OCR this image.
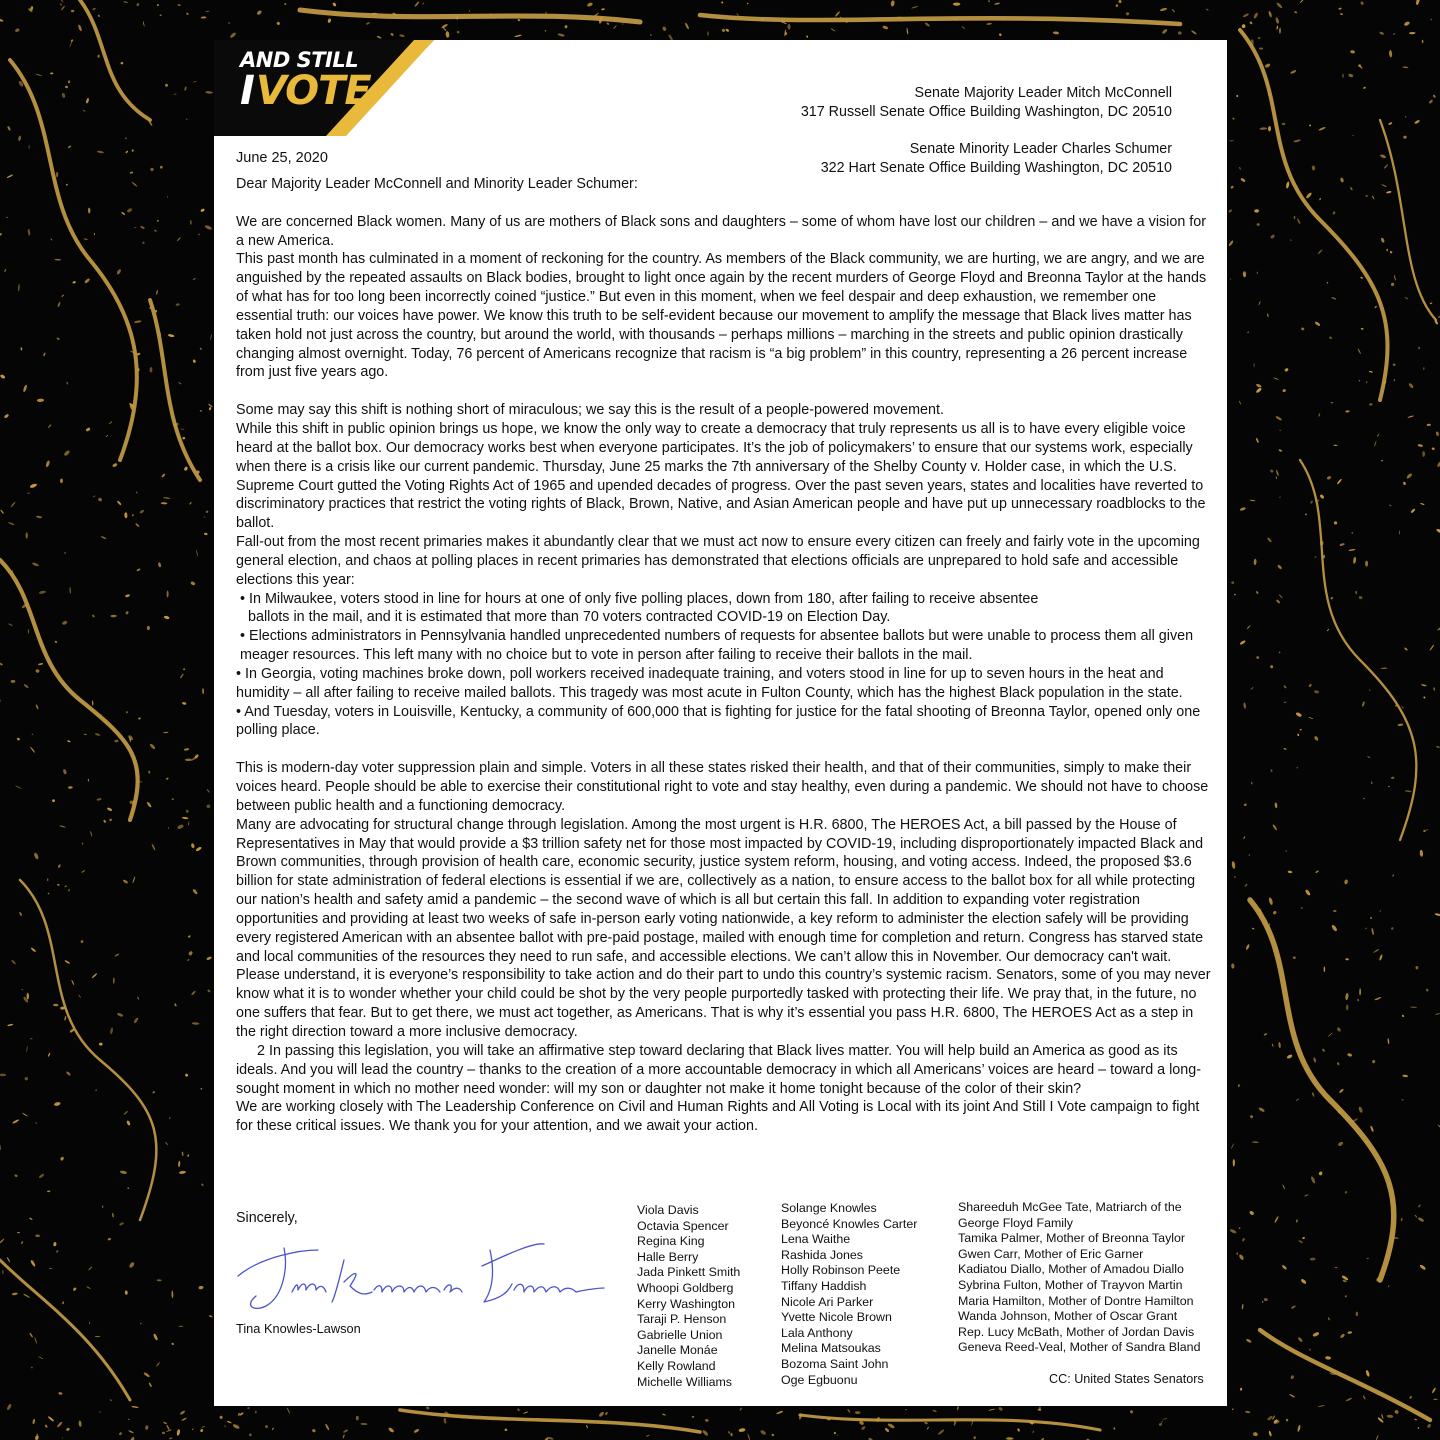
AND STILL
IVOTE	Senate Majority Leader Mitch McConnell
317 Russell Senate Office Building Washington, DC 20510
Senate Minority Leader Charles Schumer
322 Hart Senate Office Building Washington, DC 20510
June 25, 2020

Dear Majority Leader McConnell and Minority Leader Schumer:

We are concerned Black women. Many of us are mothers of Black sons and daughters – some of whom have lost our children – and we have a vision for a new America.

This past month has culminated in a moment of reckoning for the country. As members of the Black community, we are hurting, we are angry, and we are anguished by the repeated assaults on Black bodies, brought to light once again by the recent murders of George Floyd and Breonna Taylor at the hands of what has for too long been incorrectly coined “justice.” But even in this moment, when we feel despair and deep exhaustion, we remember one essential truth: our voices have power. We know this truth to be self-evident because our movement to amplify the message that Black lives matter has taken hold not just across the country, but around the world, with thousands – perhaps millions – marching in the streets and public opinion drastically changing almost overnight. Today, 76 percent of Americans recognize that racism is “a big problem” in this country, representing a 26 percent increase from just five years ago.

Some may say this shift is nothing short of miraculous; we say this is the result of a people-powered movement.

While this shift in public opinion brings us hope, we know the only way to create a democracy that truly represents us all is to have every eligible voice heard at the ballot box. Our democracy works best when everyone participates. It’s the job of policymakers’ to ensure that our systems work, especially when there is a crisis like our current pandemic. Thursday, June 25 marks the 7th anniversary of the Shelby County v. Holder case, in which the U.S. Supreme Court gutted the Voting Rights Act of 1965 and upended decades of progress. Over the past seven years, states and localities have reverted to discriminatory practices that restrict the voting rights of Black, Brown, Native, and Asian American people and have put up unnecessary roadblocks to the ballot.

Fall-out from the most recent primaries makes it abundantly clear that we must act now to ensure every citizen can freely and fairly vote in the upcoming general election, and chaos at polling places in recent primaries has demonstrated that elections officials are unprepared to hold safe and accessible elections this year:

• In Milwaukee, voters stood in line for hours at one of only five polling places, down from 180, after failing to receive absentee

ballots in the mail, and it is estimated that more than 70 voters contracted COVID-19 on Election Day.

• Elections administrators in Pennsylvania handled unprecedented numbers of requests for absentee ballots but were unable to process them all given meager resources. This left many with no choice but to vote in person after failing to receive their ballots in the mail.

• In Georgia, voting machines broke down, poll workers received inadequate training, and voters stood in line for up to seven hours in the heat and humidity – all after failing to receive mailed ballots. This tragedy was most acute in Fulton County, which has the highest Black population in the state.

• And Tuesday, voters in Louisville, Kentucky, a community of 600,000 that is fighting for justice for the fatal shooting of Breonna Taylor, opened only one polling place.

This is modern-day voter suppression plain and simple. Voters in all these states risked their health, and that of their communities, simply to make their voices heard. People should be able to exercise their constitutional right to vote and stay healthy, even during a pandemic. We should not have to choose between public health and a functioning democracy.

Many are advocating for structural change through legislation. Among the most urgent is H.R. 6800, The HEROES Act, a bill passed by the House of Representatives in May that would provide a $3 trillion safety net for those most impacted by COVID-19, including disproportionately impacted Black and Brown communities, through provision of health care, economic security, justice system reform, housing, and voting access. Indeed, the proposed $3.6 billion for state administration of federal elections is essential if we are, collectively as a nation, to ensure access to the ballot box for all while protecting our nation’s health and safety amid a pandemic – the second wave of which is all but certain this fall. In addition to expanding voter registration opportunities and providing at least two weeks of safe in-person early voting nationwide, a key reform to administer the election safely will be providing every registered American with an absentee ballot with pre-paid postage, mailed with enough time for completion and return. Congress has starved state and local communities of the resources they need to run safe, and accessible elections. We can’t allow this in November. Our democracy can't wait.

Please understand, it is everyone’s responsibility to take action and do their part to undo this country’s systemic racism. Senators, some of you may never know what it is to wonder whether your child could be shot by the very people purportedly tasked with protecting their life. We pray that, in the future, no one suffers that fear. But to get there, we must act together, as Americans. That is why it’s essential you pass H.R. 6800, The HEROES Act as a step in the right direction toward a more inclusive democracy.

2 In passing this legislation, you will take an affirmative step toward declaring that Black lives matter. You will help build an America as good as its ideals. And you will lead the country – thanks to the creation of a more accountable democracy in which all Americans’ voices are heard – toward a long-sought moment in which no mother need wonder: will my son or daughter not make it home tonight because of the color of their skin?

We are working closely with The Leadership Conference on Civil and Human Rights and All Voting is Local with its joint And Still I Vote campaign to fight for these critical issues. We thank you for your attention, and we await your action.

Sincerely,
Tina Knowles-Lawson
Viola Davis
Octavia Spencer
Regina King
Halle Berry
Jada Pinkett Smith
Whoopi Goldberg
Kerry Washington
Taraji P. Henson
Gabrielle Union
Janelle Monáe
Kelly Rowland
Michelle Williams
Solange Knowles
Beyoncé Knowles Carter
Lena Waithe
Rashida Jones
Holly Robinson Peete
Tiffany Haddish
Nicole Ari Parker
Yvette Nicole Brown
Lala Anthony
Melina Matsoukas
Bozoma Saint John
Oge Egbuonu
Shareeduh McGee Tate, Matriarch of the
George Floyd Family
Tamika Palmer, Mother of Breonna Taylor
Gwen Carr, Mother of Eric Garner
Kadiatou Diallo, Mother of Amadou Diallo
Sybrina Fulton, Mother of Trayvon Martin
Maria Hamilton, Mother of Dontre Hamilton
Wanda Johnson, Mother of Oscar Grant
Rep. Lucy McBath, Mother of Jordan Davis
Geneva Reed-Veal, Mother of Sandra Bland
CC: United States Senators
